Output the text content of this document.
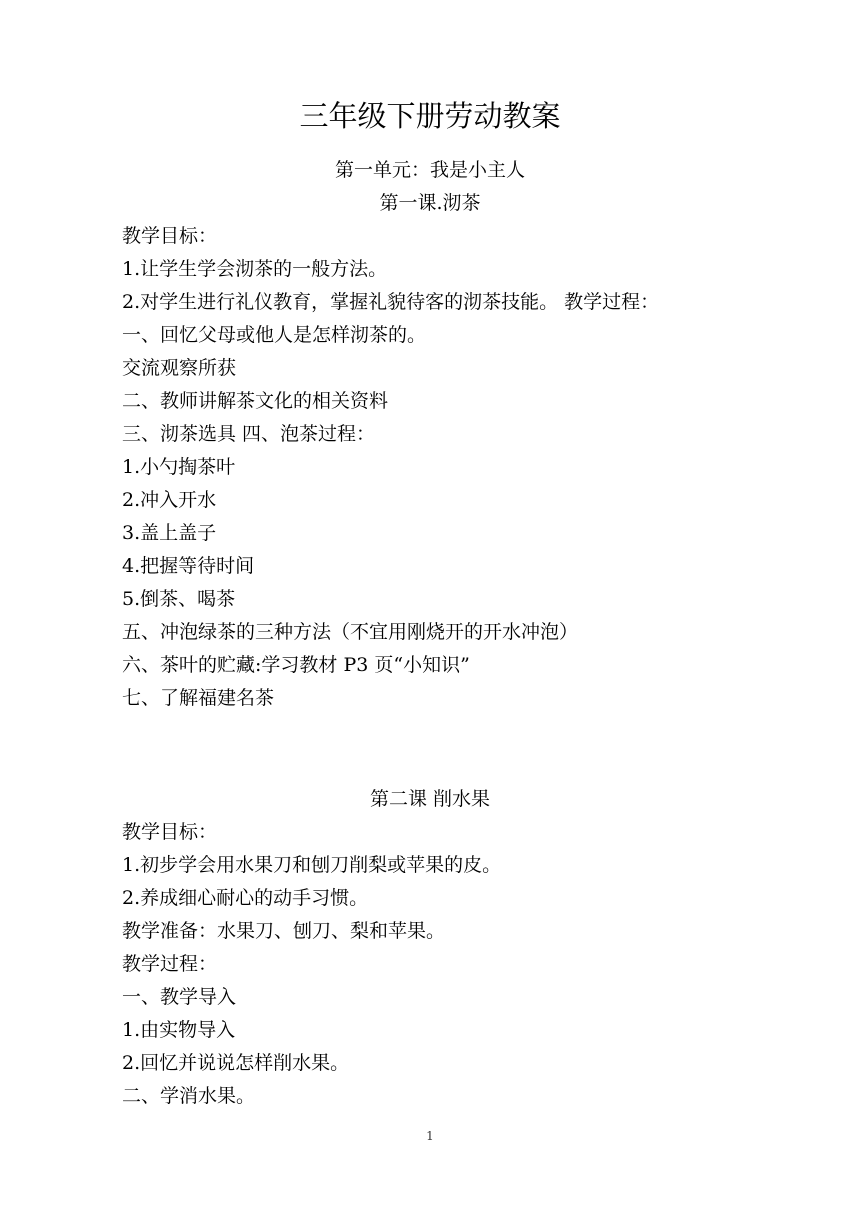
三年级下册劳动教案
第一单元：我是小主人
第一课.沏茶
教学目标：
1.让学生学会沏茶的一般方法。
2.对学生进行礼仪教育，掌握礼貌待客的沏茶技能。 教学过程：
一、回忆父母或他人是怎样沏茶的。
交流观察所获
二、教师讲解茶文化的相关资料
三、沏茶选具 四、泡茶过程：
1.小勺掏茶叶
2.冲入开水
3.盖上盖子
4.把握等待时间
5.倒茶、喝茶
五、冲泡绿茶的三种方法（不宜用刚烧开的开水冲泡）
六、茶叶的贮藏:学习教材 P3 页“小知识”
七、了解福建名茶
第二课 削水果
教学目标：
1.初步学会用水果刀和刨刀削梨或苹果的皮。
2.养成细心耐心的动手习惯。
教学准备：水果刀、刨刀、梨和苹果。
教学过程：
一、教学导入
1.由实物导入
2.回忆并说说怎样削水果。
二、学消水果。
1
